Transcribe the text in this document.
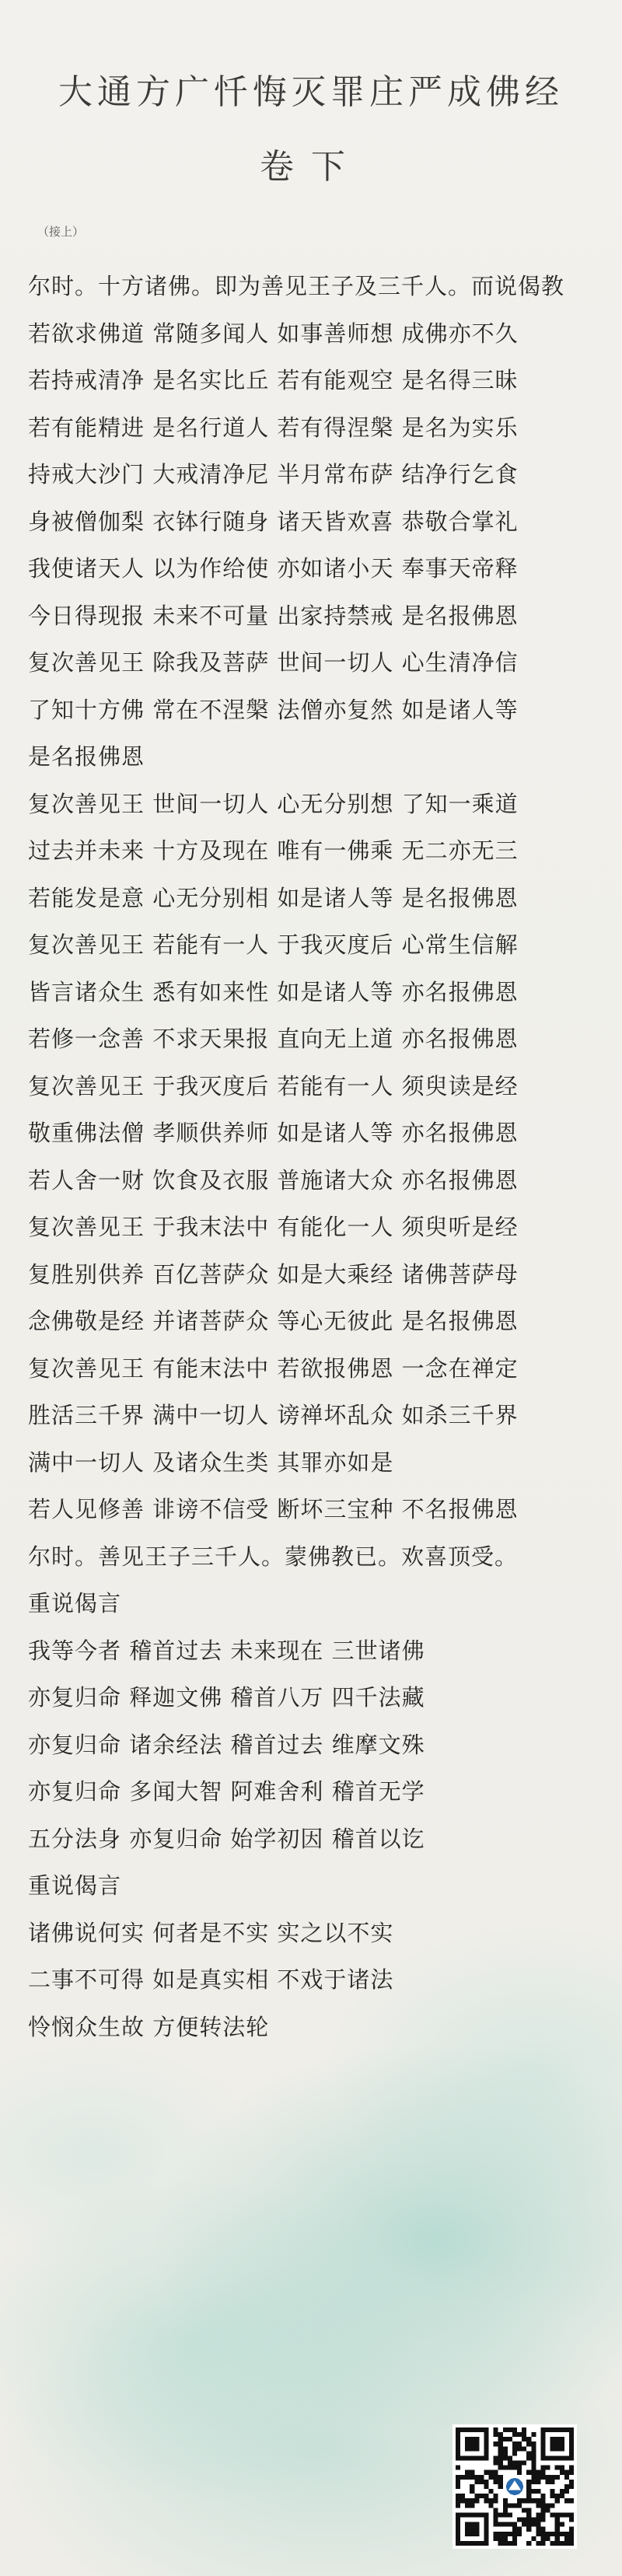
大通方广忏悔灭罪庄严成佛经
卷下
（接上）
尔时。十方诸佛。即为善见王子及三千人。而说偈教
若欲求佛道 常随多闻人 如事善师想 成佛亦不久
若持戒清净 是名实比丘 若有能观空 是名得三昧
若有能精进 是名行道人 若有得涅槃 是名为实乐
持戒大沙门 大戒清净尼 半月常布萨 结净行乞食
身被僧伽梨 衣钵行随身 诸天皆欢喜 恭敬合掌礼
我使诸天人 以为作给使 亦如诸小天 奉事天帝释
今日得现报 未来不可量 出家持禁戒 是名报佛恩
复次善见王 除我及菩萨 世间一切人 心生清净信
了知十方佛 常在不涅槃 法僧亦复然 如是诸人等
是名报佛恩
复次善见王 世间一切人 心无分别想 了知一乘道
过去并未来 十方及现在 唯有一佛乘 无二亦无三
若能发是意 心无分别相 如是诸人等 是名报佛恩
复次善见王 若能有一人 于我灭度后 心常生信解
皆言诸众生 悉有如来性 如是诸人等 亦名报佛恩
若修一念善 不求天果报 直向无上道 亦名报佛恩
复次善见王 于我灭度后 若能有一人 须臾读是经
敬重佛法僧 孝顺供养师 如是诸人等 亦名报佛恩
若人舍一财 饮食及衣服 普施诸大众 亦名报佛恩
复次善见王 于我末法中 有能化一人 须臾听是经
复胜别供养 百亿菩萨众 如是大乘经 诸佛菩萨母
念佛敬是经 并诸菩萨众 等心无彼此 是名报佛恩
复次善见王 有能末法中 若欲报佛恩 一念在禅定
胜活三千界 满中一切人 谤禅坏乱众 如杀三千界
满中一切人 及诸众生类 其罪亦如是
若人见修善 诽谤不信受 断坏三宝种 不名报佛恩
尔时。善见王子三千人。蒙佛教已。欢喜顶受。
重说偈言
我等今者 稽首过去 未来现在 三世诸佛
亦复归命 释迦文佛 稽首八万 四千法藏
亦复归命 诸余经法 稽首过去 维摩文殊
亦复归命 多闻大智 阿难舍利 稽首无学
五分法身 亦复归命 始学初因 稽首以讫
重说偈言
诸佛说何实 何者是不实 实之以不实
二事不可得 如是真实相 不戏于诸法
怜悯众生故 方便转法轮
